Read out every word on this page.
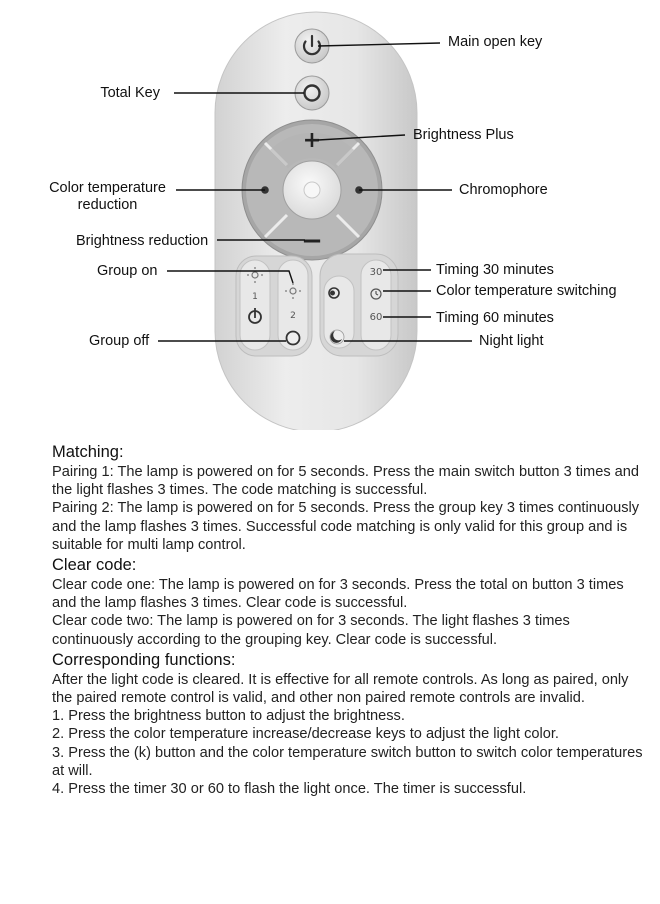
+
−
1
2
30
60
Main open key
Total Key
Brightness Plus
Color temperature
reduction
Chromophore
Brightness reduction
Group on	Timing 30 minutes
Color temperature switching
Timing 60 minutes
Group off	Night light

Matching:

Pairing 1: The lamp is powered on for 5 seconds. Press the main switch button 3 times and the light flashes 3 times. The code matching is successful.

Pairing 2: The lamp is powered on for 5 seconds. Press the group key 3 times continuously and the lamp flashes 3 times. Successful code matching is only valid for this group and is suitable for multi lamp control.

Clear code:

Clear code one: The lamp is powered on for 3 seconds. Press the total on button 3 times and the lamp flashes 3 times. Clear code is successful.

Clear code two: The lamp is powered on for 3 seconds. The light flashes 3 times continuously according to the grouping key. Clear code is successful.

Corresponding functions:

After the light code is cleared. It is effective for all remote controls. As long as paired, only the paired remote control is valid, and other non paired remote controls are invalid.

1. Press the brightness button to adjust the brightness.

2. Press the color temperature increase/decrease keys to adjust the light color.

3. Press the (k) button and the color temperature switch button to switch color temperatures at will.

4. Press the timer 30 or 60 to flash the light once. The timer is successful.
